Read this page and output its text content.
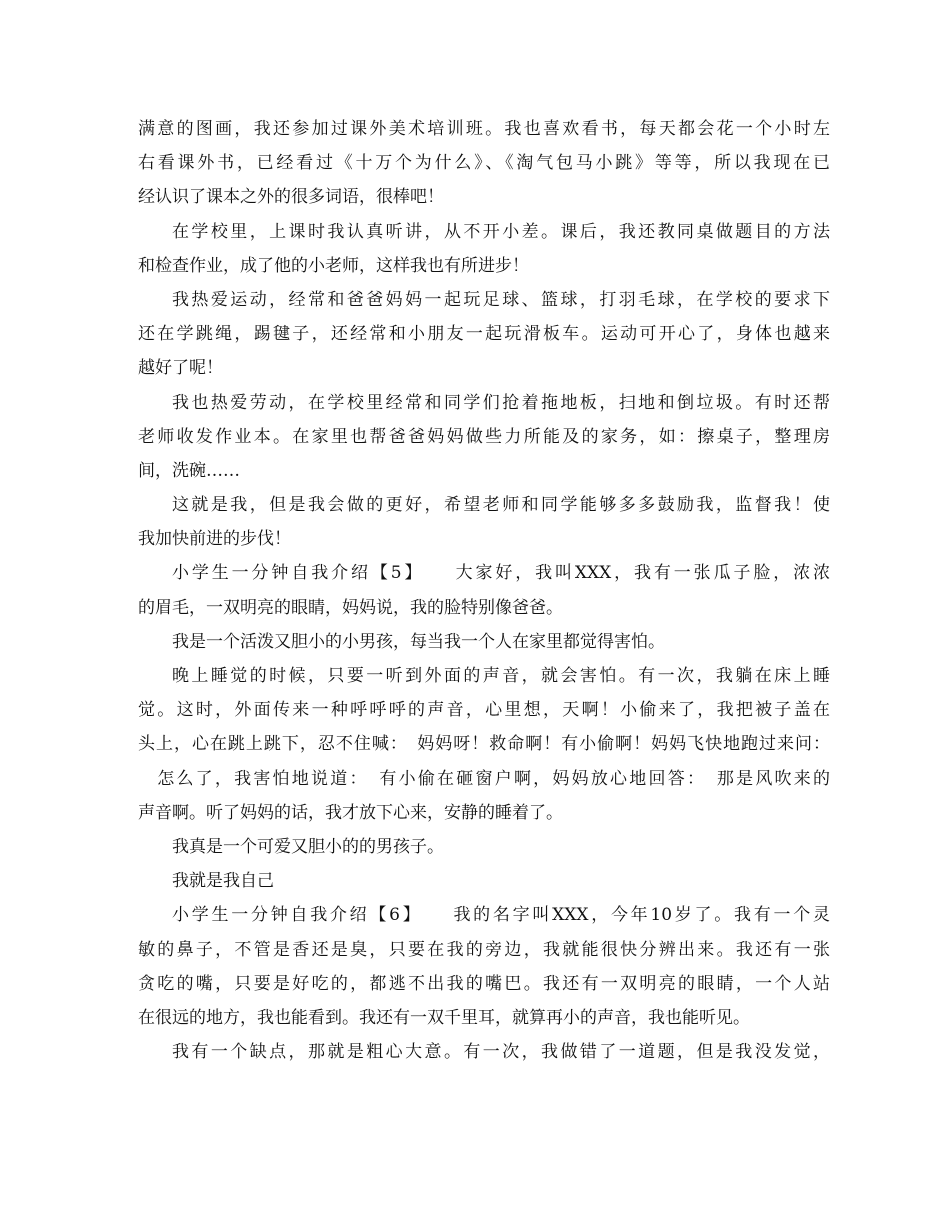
满意的图画，我还参加过课外美术培训班。我也喜欢看书，每天都会花一个小时左
右看课外书，已经看过《十万个为什么》、《淘气包马小跳》等等，所以我现在已
经认识了课本之外的很多词语，很棒吧！
在学校里，上课时我认真听讲，从不开小差。课后，我还教同桌做题目的方法
和检查作业，成了他的小老师，这样我也有所进步！
我热爱运动，经常和爸爸妈妈一起玩足球、篮球，打羽毛球，在学校的要求下
还在学跳绳，踢毽子，还经常和小朋友一起玩滑板车。运动可开心了，身体也越来
越好了呢！
我也热爱劳动，在学校里经常和同学们抢着拖地板，扫地和倒垃圾。有时还帮
老师收发作业本。在家里也帮爸爸妈妈做些力所能及的家务，如：擦桌子，整理房
间，洗碗……
这就是我，但是我会做的更好，希望老师和同学能够多多鼓励我，监督我！使
我加快前进的步伐！
小学生一分钟自我介绍【5】　　大家好，我叫XXX，我有一张瓜子脸，浓浓
的眉毛，一双明亮的眼睛，妈妈说，我的脸特别像爸爸。
我是一个活泼又胆小的小男孩，每当我一个人在家里都觉得害怕。
晚上睡觉的时候，只要一听到外面的声音，就会害怕。有一次，我躺在床上睡
觉。这时，外面传来一种呼呼呼的声音，心里想，天啊！小偷来了，我把被子盖在
头上，心在跳上跳下，忍不住喊：　妈妈呀！救命啊！有小偷啊！妈妈飞快地跑过来问：
　怎么了，我害怕地说道：　有小偷在砸窗户啊，妈妈放心地回答：　那是风吹来的
声音啊。听了妈妈的话，我才放下心来，安静的睡着了。
我真是一个可爱又胆小的的男孩子。
我就是我自己
小学生一分钟自我介绍【6】　　我的名字叫XXX，今年10岁了。我有一个灵
敏的鼻子，不管是香还是臭，只要在我的旁边，我就能很快分辨出来。我还有一张
贪吃的嘴，只要是好吃的，都逃不出我的嘴巴。我还有一双明亮的眼睛，一个人站
在很远的地方，我也能看到。我还有一双千里耳，就算再小的声音，我也能听见。
我有一个缺点，那就是粗心大意。有一次，我做错了一道题，但是我没发觉，
